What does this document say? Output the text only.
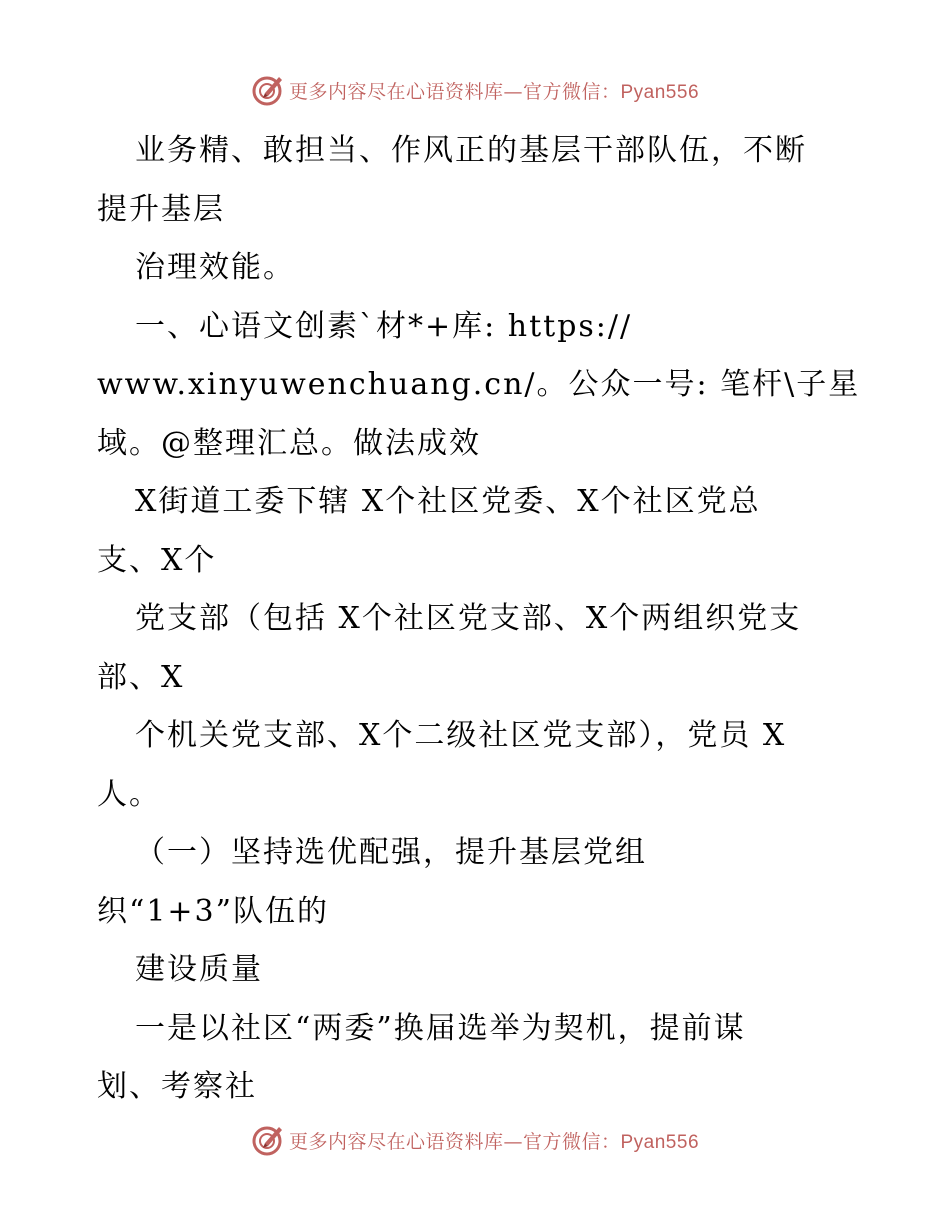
更多内容尽在心语资料库—官方微信：Pyan556
业务精、敢担当、作风正的基层干部队伍，不断
提升基层
治理效能。
一、心语文创素`材*+库: https://
www.xinyuwenchuang.cn/。公众一号: 笔杆\子星
域。@整理汇总。做法成效
X街道工委下辖 X个社区党委、X个社区党总
支、X个
党支部（包括 X个社区党支部、X个两组织党支
部、X
个机关党支部、X个二级社区党支部），党员 X
人。
（一）坚持选优配强，提升基层党组
织“1+3”队伍的
建设质量
一是以社区“两委”换届选举为契机，提前谋
划、考察社
更多内容尽在心语资料库—官方微信：Pyan556
